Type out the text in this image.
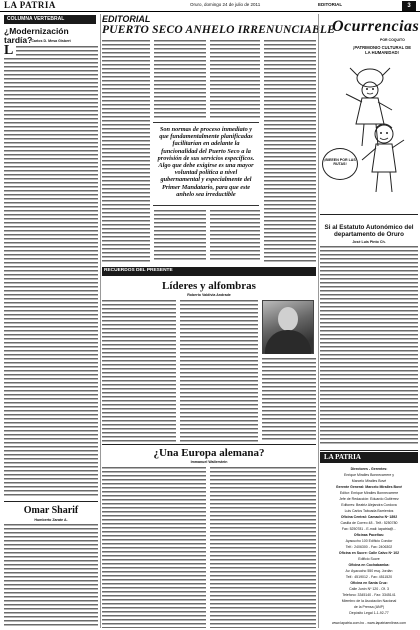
LA PATRIA	Oruro, domingo 24 de julio de 2011	EDITORIAL	3
COLUMNA VERTEBRAL
¿Modernización tardía?
Carlos D. Mesa Gisbert
L
Omar Sharif
Humberto Zarate A.
EDITORIAL
PUERTO SECO ANHELO IRRENUNCIABLE
Son normas de proceso inmediato y que fundamentalmente planificadas facilitarían en adelante la funcionalidad del Puerto Seco a la provisión de sus servicios específicos. Algo que debe exigirse es una mayor voluntad política a nivel gubernamental y especialmente del Primer Mandatario, para que este anhelo sea irreductible
RECUERDOS DEL PRESENTE
Líderes y alfombras
Roberto Valdivia Andrade
¿Una Europa alemana?
Immanuel Wallerstein
Ocurrencias
POR COQUITO
¡PATRIMONIO CULTURAL DE LA HUMANIDAD!
¡BIEEEN POR LAS RUTAS!
Si al Estatuto Autonómico del departamento de Oruro
José Luis Pinto Ch.
LA PATRIA
Directores - Gerentes:
Enrique Miralles Bonnecarrere y
Marcelo Miralles Bové
Gerente General: Marcelo Miralles Bové
Editor: Enrique Miralles Bonnecarrere
Jefe de Redacción: Eduardo Gutiérrez
Editores: Beatriz Alejandra Cordova
Luis Carlos Taboada Barrientos
Oficina Central: Camacho Nº 1892
Casilla de Correo 48 - Telf.: 5250780
Fax: 5250781 - E-mail: lapatria@...
Oficinas Paceñas:
Ayacucho 100 Edificio Condor
Telf.: 2406300 - Fax: 2406302
Oficina en Sucre: Calle Calvo Nº 102
Edificio Sucre
Oficina en Cochabamba:
Av. Ayacucho 550 esq. Jordán
Telf.: 4519012 - Fax: 4511520
Oficina en Santa Cruz:
Calle Junín Nº 120 - Of. 3
Telefono: 3345140 - Fax: 3345141
Miembro de la Asociación Nacional
de la Prensa (ANP)
Depósito Legal 1-1-92-77
www.lapatria.com.bo - www.lapatriaenlinea.com
